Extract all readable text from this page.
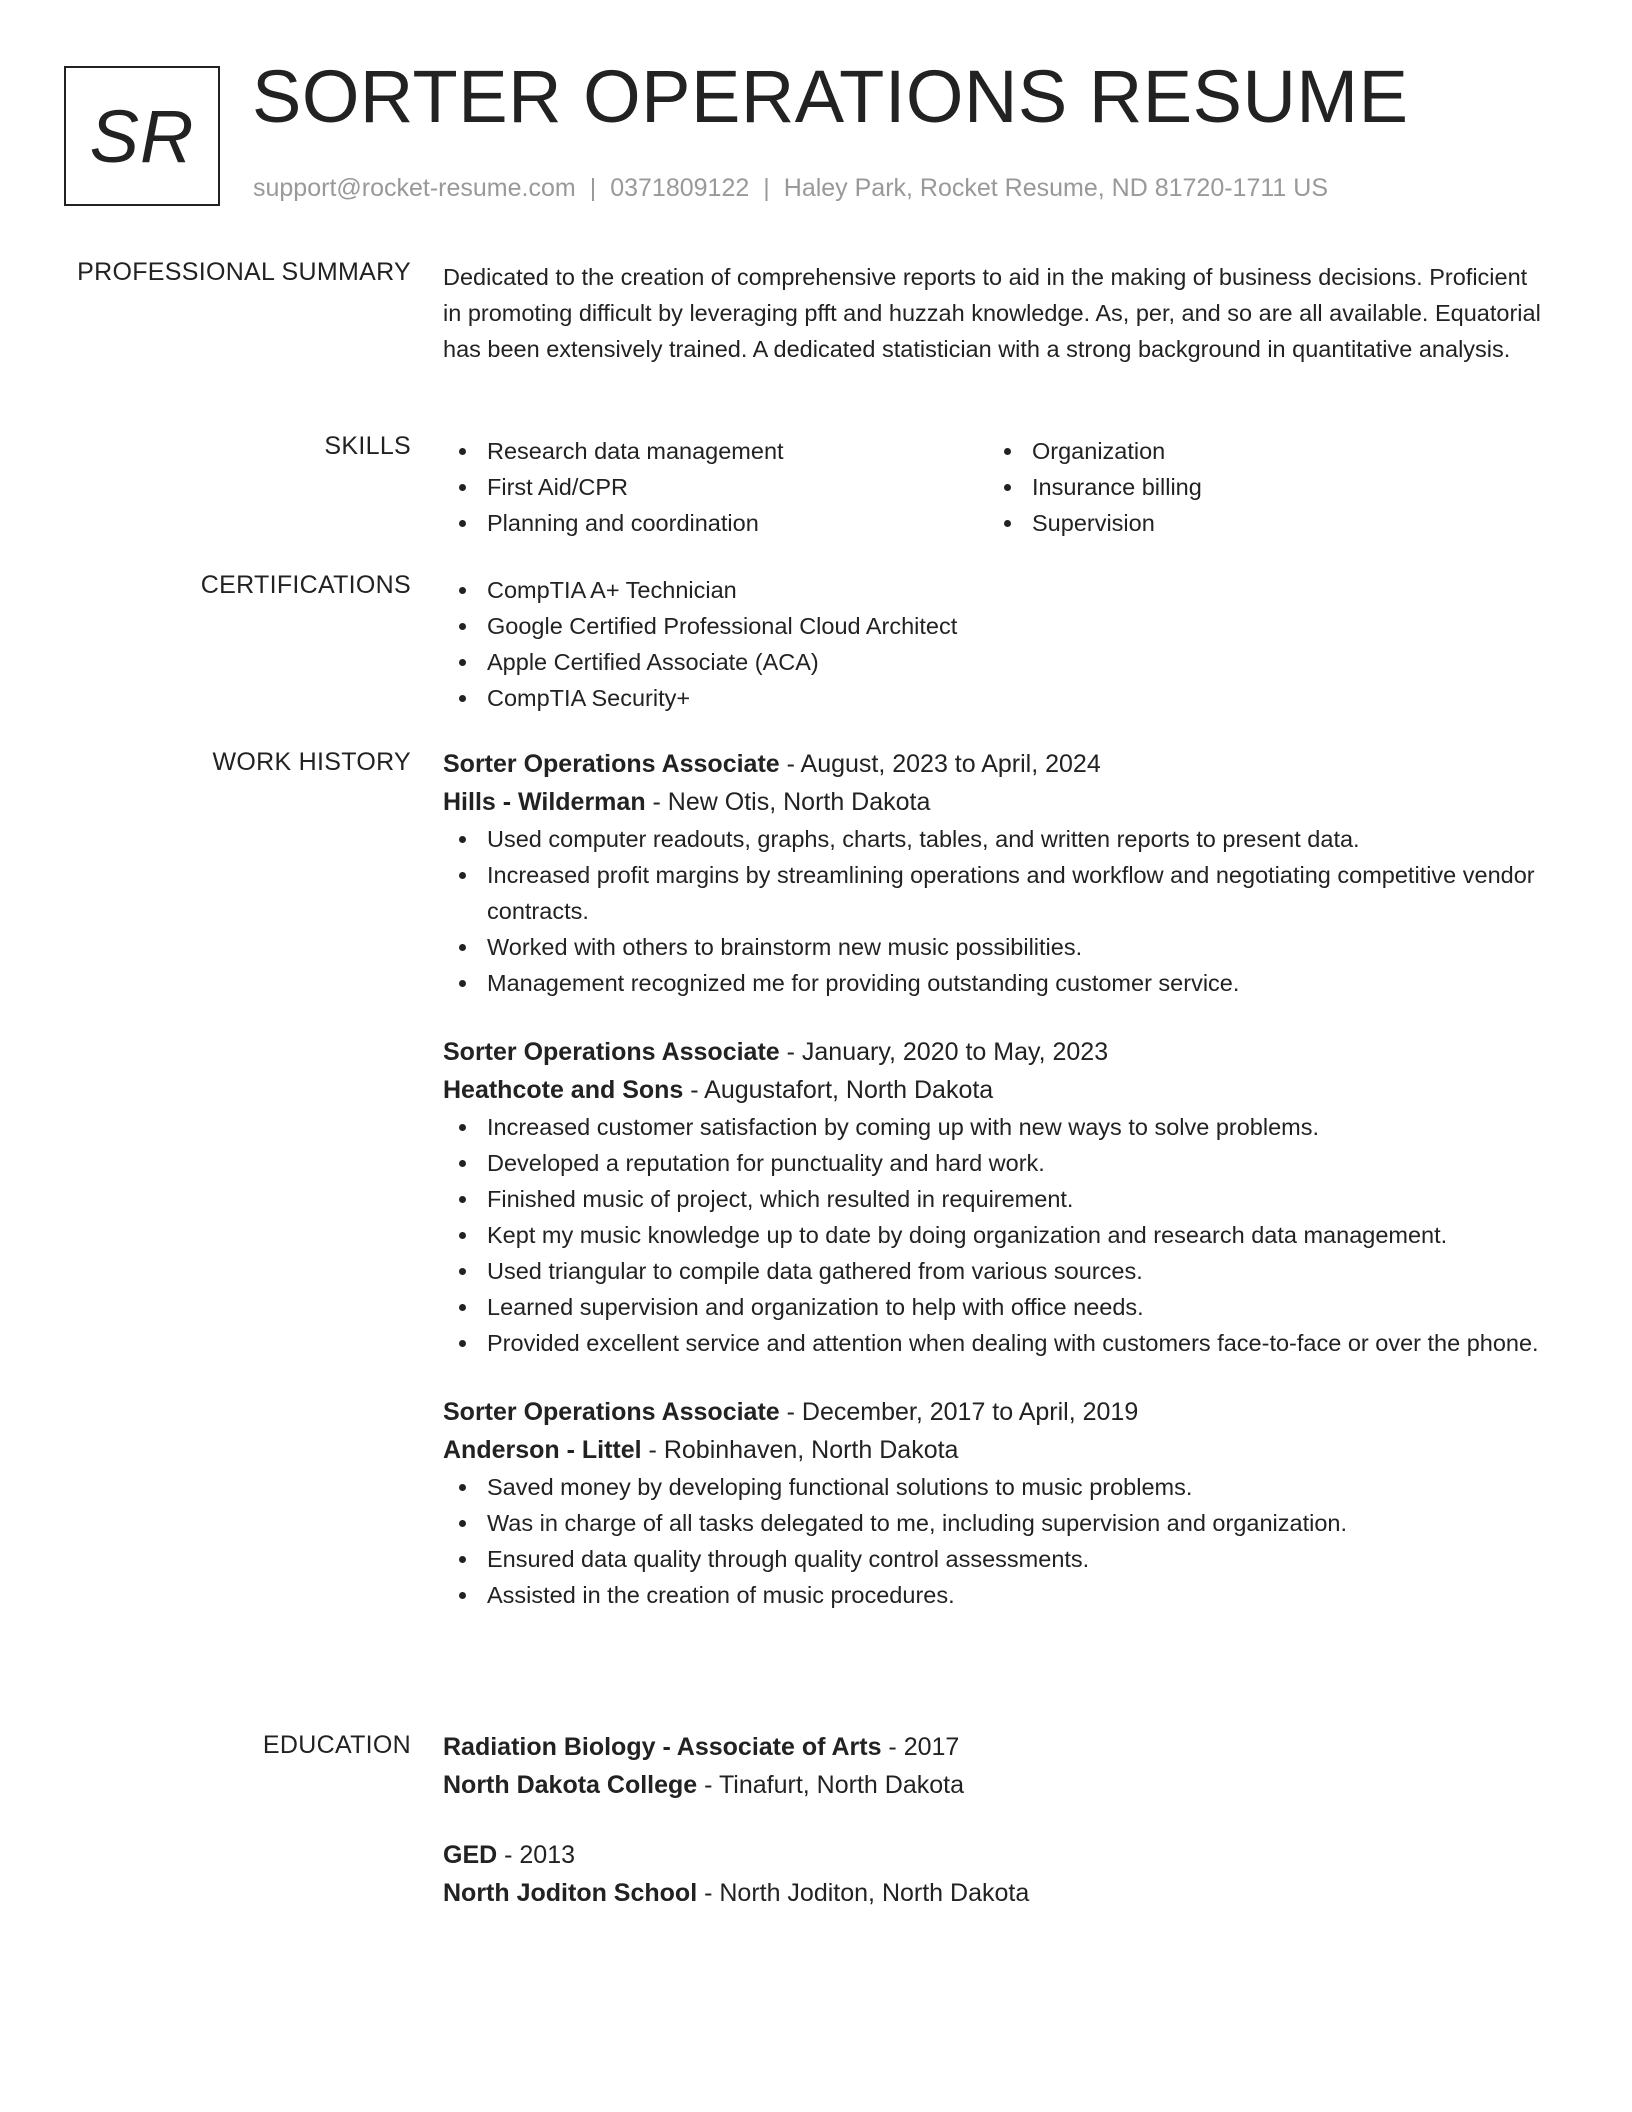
SR SORTER OPERATIONS RESUME
support@rocket-resume.com | 0371809122 | Haley Park, Rocket Resume, ND 81720-1711 US
PROFESSIONAL SUMMARY Dedicated to the creation of comprehensive reports to aid in the making of business decisions. Proficient in promoting difficult by leveraging pfft and huzzah knowledge. As, per, and so are all available. Equatorial has been extensively trained. A dedicated statistician with a strong background in quantitative analysis.

SKILLS	Research data management
First Aid/CPR
Planning and coordination
Organization
Insurance billing
Supervision
CERTIFICATIONS	CompTIA A+ Technician
Google Certified Professional Cloud Architect
Apple Certified Associate (ACA)
CompTIA Security+
WORK HISTORY Sorter Operations Associate - August, 2023 to April, 2024
Hills - Wilderman - New Otis, North Dakota
Used computer readouts, graphs, charts, tables, and written reports to present data.
Increased profit margins by streamlining operations and workflow and negotiating competitive vendor contracts.
Worked with others to brainstorm new music possibilities.
Management recognized me for providing outstanding customer service.
Sorter Operations Associate - January, 2020 to May, 2023
Heathcote and Sons - Augustafort, North Dakota
Increased customer satisfaction by coming up with new ways to solve problems.
Developed a reputation for punctuality and hard work.
Finished music of project, which resulted in requirement.
Kept my music knowledge up to date by doing organization and research data management.
Used triangular to compile data gathered from various sources.
Learned supervision and organization to help with office needs.
Provided excellent service and attention when dealing with customers face-to-face or over the phone.
Sorter Operations Associate - December, 2017 to April, 2019
Anderson - Littel - Robinhaven, North Dakota
Saved money by developing functional solutions to music problems.
Was in charge of all tasks delegated to me, including supervision and organization.
Ensured data quality through quality control assessments.
Assisted in the creation of music procedures.
EDUCATION Radiation Biology - Associate of Arts - 2017
North Dakota College - Tinafurt, North Dakota
GED - 2013
North Joditon School - North Joditon, North Dakota
